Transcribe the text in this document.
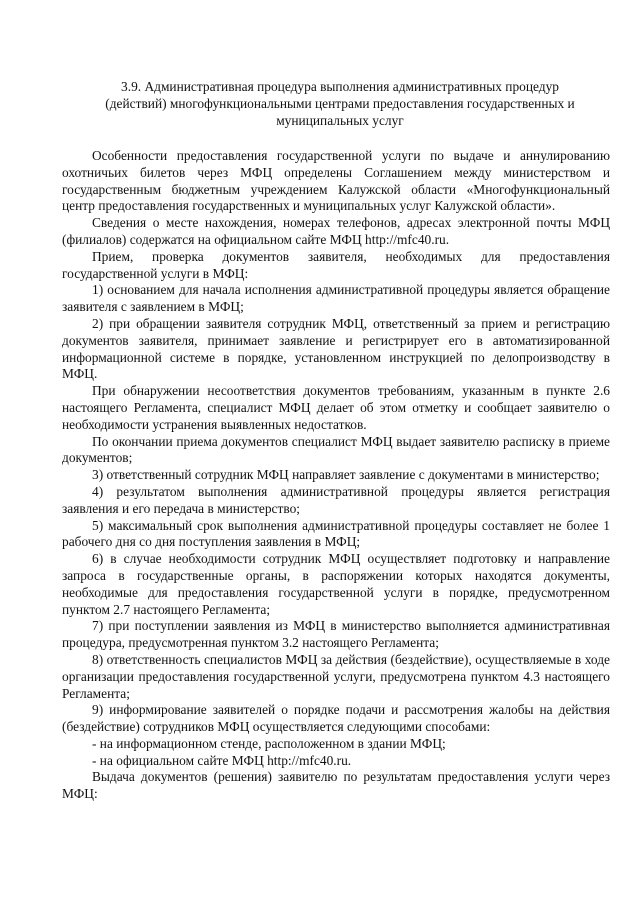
3.9. Административная процедура выполнения административных процедур
(действий) многофункциональными центрами предоставления государственных и
муниципальных услуг

Особенности предоставления государственной услуги по выдаче и аннулированию охотничьих билетов через МФЦ определены Соглашением между министерством и государственным бюджетным учреждением Калужской области «Многофункциональный центр предоставления государственных и муниципальных услуг Калужской области».

Сведения о месте нахождения, номерах телефонов, адресах электронной почты МФЦ (филиалов) содержатся на официальном сайте МФЦ http://mfc40.ru.

Прием, проверка документов заявителя, необходимых для предоставления государственной услуги в МФЦ:

1) основанием для начала исполнения административной процедуры является обращение заявителя с заявлением в МФЦ;

2) при обращении заявителя сотрудник МФЦ, ответственный за прием и регистрацию документов заявителя, принимает заявление и регистрирует его в автоматизированной информационной системе в порядке, установленном инструкцией по делопроизводству в МФЦ.

При обнаружении несоответствия документов требованиям, указанным в пункте 2.6 настоящего Регламента, специалист МФЦ делает об этом отметку и сообщает заявителю о необходимости устранения выявленных недостатков.

По окончании приема документов специалист МФЦ выдает заявителю расписку в приеме документов;

3) ответственный сотрудник МФЦ направляет заявление с документами в министерство;

4) результатом выполнения административной процедуры является регистрация заявления и его передача в министерство;

5) максимальный срок выполнения административной процедуры составляет не более 1 рабочего дня со дня поступления заявления в МФЦ;

6) в случае необходимости сотрудник МФЦ осуществляет подготовку и направление запроса в государственные органы, в распоряжении которых находятся документы, необходимые для предоставления государственной услуги в порядке, предусмотренном пунктом 2.7 настоящего Регламента;

7) при поступлении заявления из МФЦ в министерство выполняется административная процедура, предусмотренная пунктом 3.2 настоящего Регламента;

8) ответственность специалистов МФЦ за действия (бездействие), осуществляемые в ходе организации предоставления государственной услуги, предусмотрена пунктом 4.3 настоящего Регламента;

9) информирование заявителей о порядке подачи и рассмотрения жалобы на действия (бездействие) сотрудников МФЦ осуществляется следующими способами:

- на информационном стенде, расположенном в здании МФЦ;

- на официальном сайте МФЦ http://mfc40.ru.

Выдача документов (решения) заявителю по результатам предоставления услуги через МФЦ:
